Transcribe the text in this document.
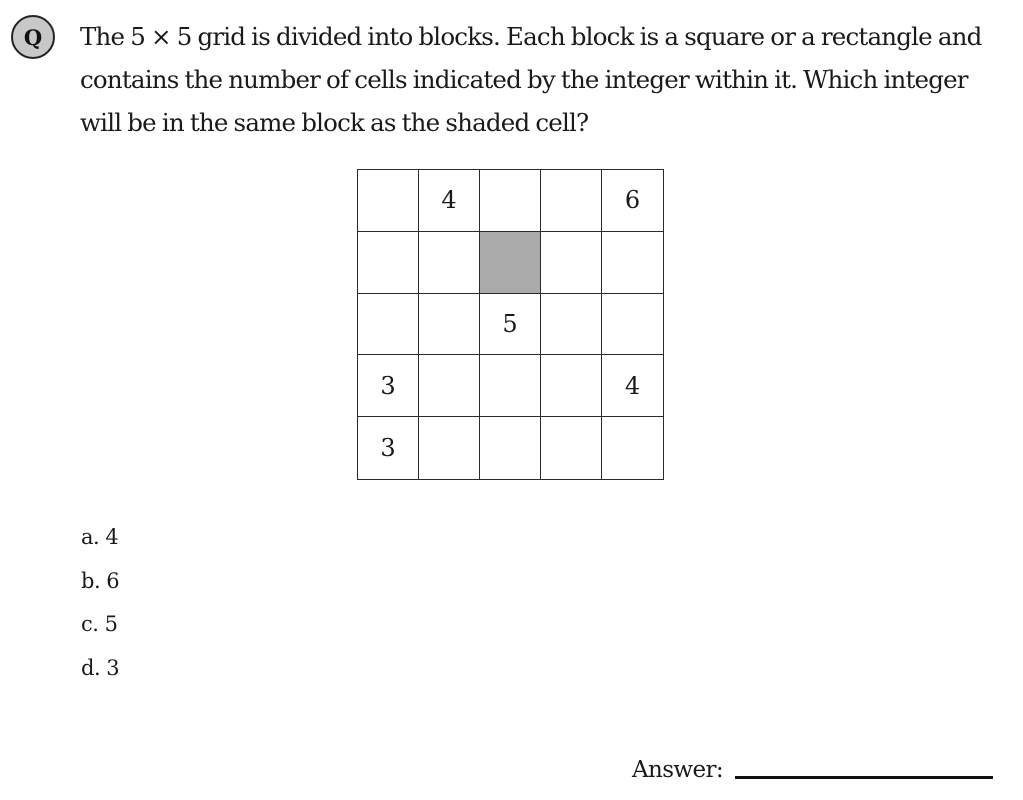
Q The 5 × 5 grid is divided into blocks. Each block is a square or a rectangle and contains the number of cells indicated by the integer within it. Which integer will be in the same block as the shaded cell?

4	6
5
3	4
3
a. 4
b. 6
c. 5
d. 3
Answer:
